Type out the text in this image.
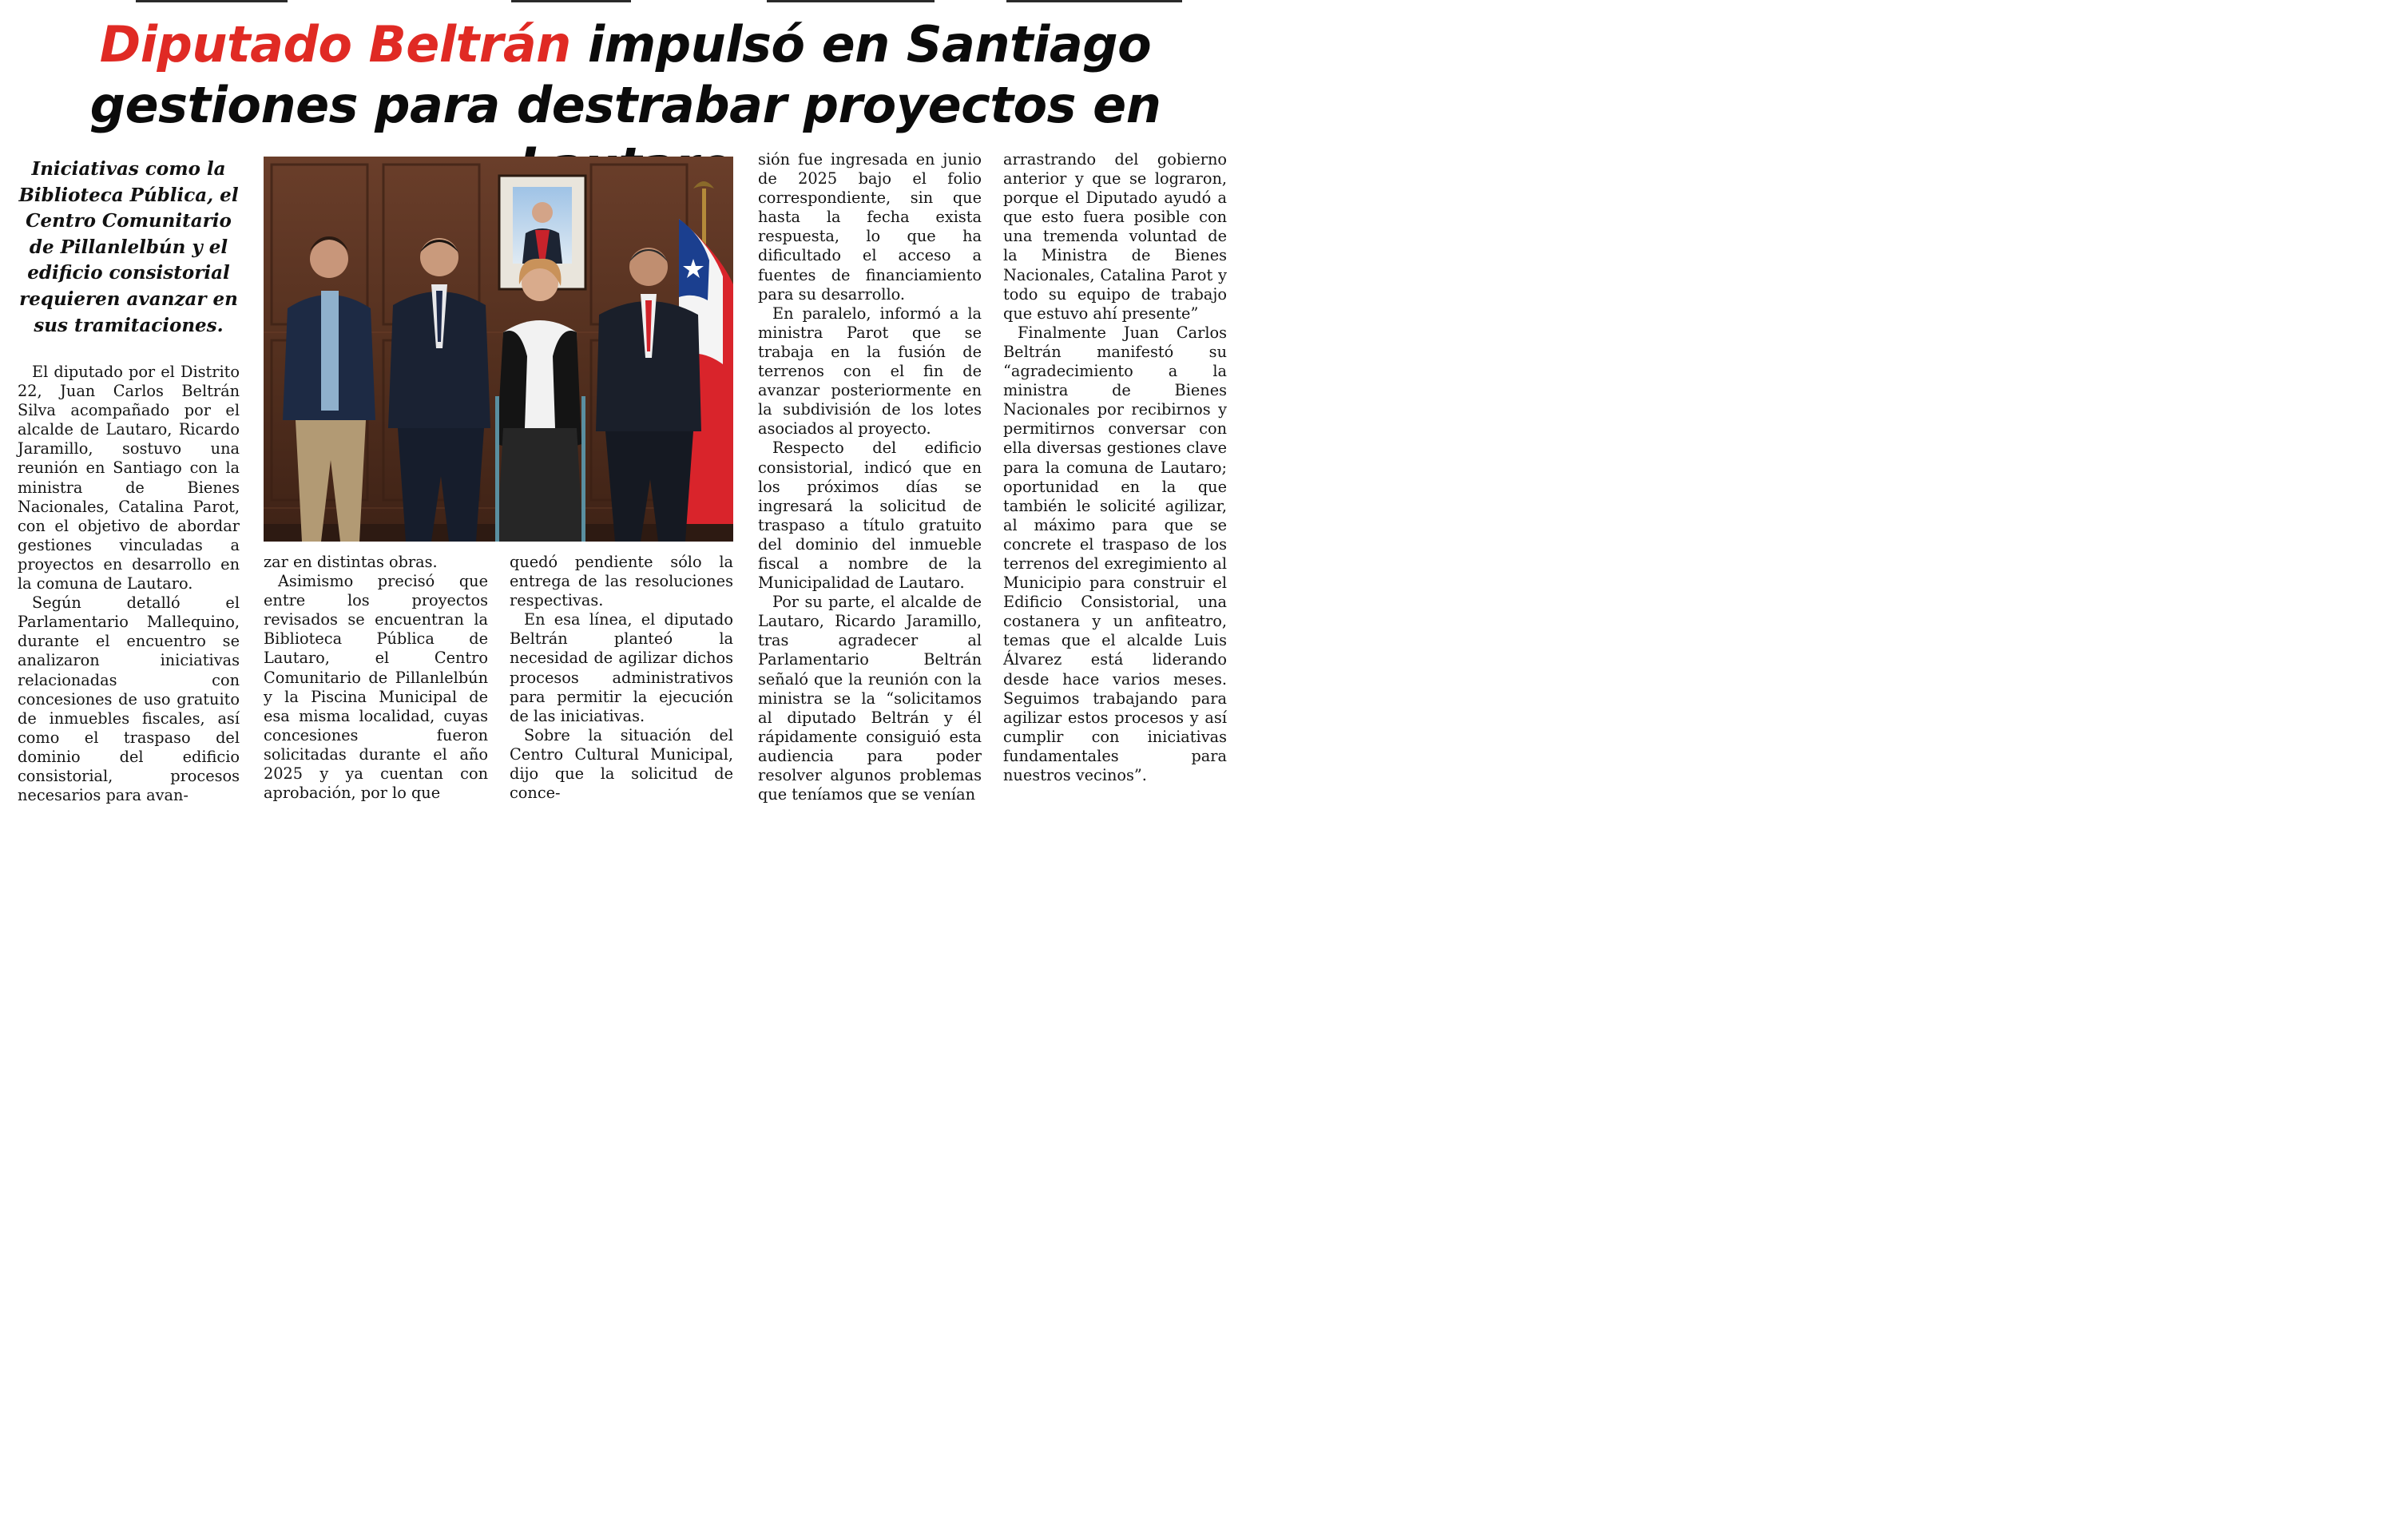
Diputado Beltrán impulsó en Santiago
gestiones para destrabar proyectos en

Iniciativas como la Biblioteca Pública, el Centro Comunitario de Pillanlelbún y el edificio consistorial requieren avanzar en sus tramitaciones.

El diputado por el Distrito 22, Juan Carlos Beltrán Silva acompañado por el alcalde de Lautaro, Ricardo Jaramillo, sostuvo una reunión en Santiago con la ministra de Bienes Nacionales, Catalina Parot, con el objetivo de abordar gestiones vinculadas a proyectos en desarrollo en la comuna de Lautaro.

Según detalló el Parlamentario Mallequino, durante el encuentro se analizaron iniciativas relacionadas con concesiones de uso gratuito de inmuebles fiscales, así como el traspaso del dominio del edificio consistorial, procesos necesarios para avan-

zar en distintas obras.

Asimismo precisó que entre los proyectos revisados se encuentran la Biblioteca Pública de Lautaro, el Centro Comunitario de Pillanlelbún y la Piscina Municipal de esa misma localidad, cuyas concesiones fueron solicitadas durante el año 2025 y ya cuentan con aprobación, por lo que

quedó pendiente sólo la entrega de las resoluciones respectivas.

En esa línea, el diputado Beltrán planteó la necesidad de agilizar dichos procesos administrativos para permitir la ejecución de las iniciativas.

Sobre la situación del Centro Cultural Municipal, dijo que la solicitud de conce-

sión fue ingresada en junio de 2025 bajo el folio correspondiente, sin que hasta la fecha exista respuesta, lo que ha dificultado el acceso a fuentes de financiamiento para su desarrollo.

En paralelo, informó a la ministra Parot que se trabaja en la fusión de terrenos con el fin de avanzar posteriormente en la subdivisión de los lotes asociados al proyecto.

Respecto del edificio consistorial, indicó que en los próximos días se ingresará la solicitud de traspaso a título gratuito del dominio del inmueble fiscal a nombre de la Municipalidad de Lautaro.

Por su parte, el alcalde de Lautaro, Ricardo Jaramillo, tras agradecer al Parlamentario Beltrán señaló que la reunión con la ministra se la “solicitamos al diputado Beltrán y él rápidamente consiguió esta audiencia para poder resolver algunos problemas que teníamos que se venían

arrastrando del gobierno anterior y que se lograron, porque el Diputado ayudó a que esto fuera posible con una tremenda voluntad de la Ministra de Bienes Nacionales, Catalina Parot y todo su equipo de trabajo que estuvo ahí presente”

Finalmente Juan Carlos Beltrán manifestó su “agradecimiento a la ministra de Bienes Nacionales por recibirnos y permitirnos conversar con ella diversas gestiones clave para la comuna de Lautaro; oportunidad en la que también le solicité agilizar, al máximo para que se concrete el traspaso de los terrenos del exregimiento al Municipio para construir el Edificio Consistorial, una costanera y un anfiteatro, temas que el alcalde Luis Álvarez está liderando desde hace varios meses. Seguimos trabajando para agilizar estos procesos y así cumplir con iniciativas fundamentales para nuestros vecinos”.
